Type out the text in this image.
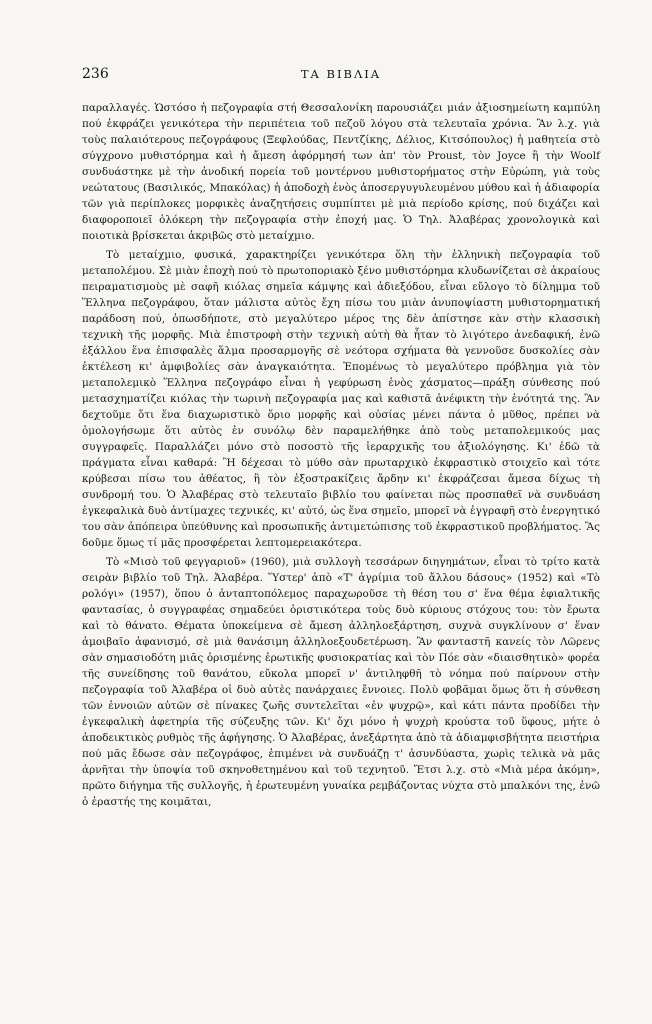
236	ΤΑ ΒΙΒΛΙΑ

παραλλαγές. Ὡστόσο ἡ πεζογραφία στή Θεσσαλονίκη παρουσιάζει μιάν ἀξιοσημείωτη καμπύλη πού ἐκφράζει γενικότερα τὴν περιπέτεια τοῦ πεζοῦ λόγου στὰ τελευταῖα χρόνια. Ἂν λ.χ. γιὰ τοὺς παλαιότερους πεζογράφους (Ξεφλούδας, Πεντζίκης, Δέλιος, Κιτσόπουλος) ἡ μαθητεία στὸ σύγχρονο μυθιστόρημα καὶ ἡ ἄμεση ἀφόρμησή των ἀπ' τὸν Proust, τὸν Joyce ἢ τὴν Woolf συνδυάστηκε μὲ τὴν ἀνοδική πορεία τοῦ μοντέρνου μυθιστορήματος στὴν Εὐρώπη, γιὰ τοὺς νεώτατους (Βασιλικός, Μπακόλας) ἡ ἀποδοχὴ ἑνὸς ἀποσεργυγυλευμένου μύθου καὶ ἡ ἀδιαφορία τῶν γιὰ περίπλοκες μορφικὲς ἀναζητήσεις συμπίπτει μὲ μιὰ περίοδο κρίσης, πού διχάζει καὶ διαφοροποιεῖ ὁλόκερη τὴν πεζογραφία στὴν ἐποχή μας. Ὁ Τηλ. Ἀλαβέρας χρονολογικὰ καὶ ποιοτικὰ βρίσκεται ἀκριβῶς στὸ μεταίχμιο.

Τὸ μεταίχμιο, φυσικά, χαρακτηρίζει γενικότερα ὅλη τὴν ἑλληνικὴ πεζογραφία τοῦ μεταπολέμου. Σὲ μιὰν ἐποχὴ πού τὸ πρωτοποριακὸ ξένο μυθιστόρημα κλυδωνίζεται σὲ ἀκραίους πειραματισμοὺς μὲ σαφῆ κιόλας σημεῖα κάμψης καὶ ἀδιεξόδου, εἶναι εὔλογο τὸ δίλημμα τοῦ Ἕλληνα πεζογράφου, ὅταν μάλιστα αὐτὸς ἔχη πίσω του μιὰν ἀνυποψίαστη μυθιστορηματική παράδοση πού, ὁπωσδήποτε, στὸ μεγαλύτερο μέρος της δὲν ἀπίστησε κὰν στὴν κλασσικὴ τεχνικὴ τῆς μορφῆς. Μιὰ ἐπιστροφὴ στὴν τεχνικὴ αὐτὴ θὰ ἦταν τὸ λιγότερο ἀνεδαφική, ἐνῶ ἐξάλλου ἕνα ἐπισφαλὲς ἅλμα προσαρμογῆς σὲ νεότορα σχήματα θὰ γεννοῦσε δυσκολίες σὰν ἐκτέλεση κι' ἀμφιβολίες σὰν ἀναγκαιότητα. Ἑπομένως τὸ μεγαλύτερο πρόβλημα γιὰ τὸν μεταπολεμικὸ Ἕλληνα πεζογράφο εἶναι ἡ γεφύρωση ἑνὸς χάσματος—πράξη σύνθεσης πού μετασχηματίζει κιόλας τὴν τωρινὴ πεζογραφία μας καὶ καθιστᾶ ἀνέφικτη τὴν ἑνότητά της. Ἂν δεχτοῦμε ὅτι ἕνα διαχωριστικὸ ὅριο μορφῆς καὶ οὐσίας μένει πάντα ὁ μῦθος, πρέπει νὰ ὁμολογήσωμε ὅτι αὐτὸς ἐν συνόλῳ δὲν παραμελήθηκε ἀπὸ τοὺς μεταπολεμικούς μας συγγραφεῖς. Παραλλάζει μόνο στὸ ποσοστὸ τῆς ἱεραρχικῆς του ἀξιολόγησης. Κι' ἐδῶ τὰ πράγματα εἶναι καθαρά: Ἢ δέχεσαι τὸ μύθο σὰν πρωταρχικὸ ἐκφραστικὸ στοιχεῖο καὶ τότε κρύβεσαι πίσω του ἀθέατος, ἢ τὸν ἐξοστρακίζεις ἄρδην κι' ἐκφράζεσαι ἄμεσα δίχως τὴ συνδρομή του. Ὁ Ἀλαβέρας στὸ τελευταῖο βιβλίο του φαίνεται πὼς προσπαθεῖ νὰ συνδυάση ἐγκεφαλικὰ δυὸ ἀντίμαχες τεχνικές, κι' αὐτό, ὡς ἕνα σημεῖο, μπορεῖ νὰ ἐγγραφῆ στὸ ἐνεργητικό του σὰν ἀπόπειρα ὑπεύθυνης καὶ προσωπικῆς ἀντιμετώπισης τοῦ ἐκφραστικοῦ προβλήματος. Ἂς δοῦμε ὅμως τί μᾶς προσφέρεται λεπτομερειακότερα.

Τὸ «Μισὸ τοῦ φεγγαριοῦ» (1960), μιὰ συλλογὴ τεσσάρων διηγημάτων, εἶναι τὸ τρίτο κατὰ σειρὰν βιβλίο τοῦ Τηλ. Ἀλαβέρα. Ὕστερ' ἀπὸ «Τ' ἀγρίμια τοῦ ἄλλου δάσους» (1952) καὶ «Τὸ ρολόγι» (1957), ὅπου ὁ ἀνταπτοπόλεμος παραχωροῦσε τὴ θέση του σ' ἕνα θέμα ἐφιαλτικῆς φαντασίας, ὁ συγγραφέας σημαδεύει ὁριστικότερα τοὺς δυὸ κύριους στόχους του: τὸν ἔρωτα καὶ τὸ θάνατο. Θέματα ὑποκείμενα σὲ ἄμεση ἀλληλοεξάρτηση, συχνὰ συγκλίνουν σ' ἕναν ἀμοιβαῖο ἀφανισμό, σὲ μιὰ θανάσιμη ἀλληλοεξουδετέρωση. Ἂν φανταστῆ κανείς τὸν Λῶρενς σὰν σημασιοδότη μιᾶς ὁρισμένης ἐρωτικῆς φυσιοκρατίας καὶ τὸν Πόε σὰν «διαισθητικὸ» φορέα τῆς συνείδησης τοῦ θανάτου, εὔκολα μπορεῖ ν' ἀντιληφθῆ τὸ νόημα πού παίρνουν στὴν πεζογραφία τοῦ Ἀλαβέρα οἱ δυὸ αὐτὲς πανάρχαιες ἔννοιες. Πολὺ φοβᾶμαι ὅμως ὅτι ἡ σύνθεση τῶν ἐννοιῶν αὐτῶν σὲ πίνακες ζωῆς συντελεῖται «ἐν ψυχρῷ», καὶ κάτι πάντα προδίδει τὴν ἐγκεφαλικὴ ἀφετηρία τῆς σύζευξης τῶν. Κι' ὄχι μόνο ἡ ψυχρὴ κρούστα τοῦ ὕφους, μήτε ὁ ἀποδεικτικὸς ρυθμὸς τῆς ἀφήγησης. Ὁ Ἀλαβέρας, ἀνεξάρτητα ἀπὸ τὰ ἀδιαμφισβήτητα πειστήρια πού μᾶς ἔδωσε σὰν πεζογράφος, ἐπιμένει νὰ συνδυάζῃ τ' ἀσυνδύαστα, χωρὶς τελικὰ νὰ μᾶς ἀρνῆται τὴν ὑποψία τοῦ σκηνοθετημένου καὶ τοῦ τεχνητοῦ. Ἔτσι λ.χ. στὸ «Μιὰ μέρα ἀκόμη», πρῶτο διήγημα τῆς συλλογῆς, ἡ ἐρωτευμένη γυναίκα ρεμβάζοντας νύχτα στὸ μπαλκόνι της, ἐνῶ ὁ ἐραστής της κοιμᾶται,
